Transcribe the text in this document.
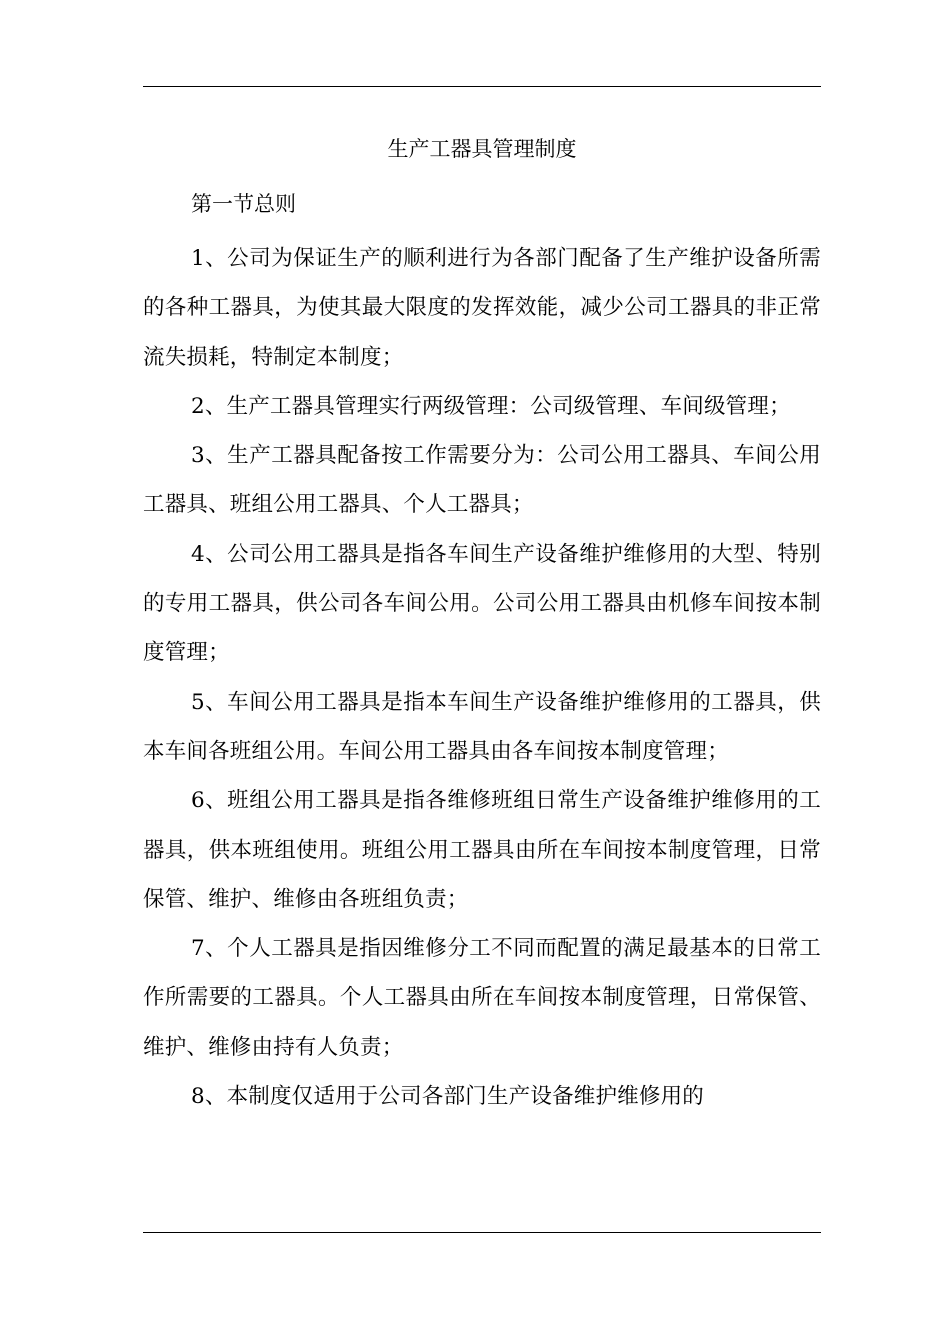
生产工器具管理制度
第一节总则

1、公司为保证生产的顺利进行为各部门配备了生产维护设备所需的各种工器具，为使其最大限度的发挥效能，减少公司工器具的非正常流失损耗，特制定本制度；

2、生产工器具管理实行两级管理：公司级管理、车间级管理；

3、生产工器具配备按工作需要分为：公司公用工器具、车间公用工器具、班组公用工器具、个人工器具；

4、公司公用工器具是指各车间生产设备维护维修用的大型、特别的专用工器具，供公司各车间公用。公司公用工器具由机修车间按本制度管理；

5、车间公用工器具是指本车间生产设备维护维修用的工器具，供本车间各班组公用。车间公用工器具由各车间按本制度管理；

6、班组公用工器具是指各维修班组日常生产设备维护维修用的工器具，供本班组使用。班组公用工器具由所在车间按本制度管理，日常保管、维护、维修由各班组负责；

7、个人工器具是指因维修分工不同而配置的满足最基本的日常工作所需要的工器具。个人工器具由所在车间按本制度管理，日常保管、维护、维修由持有人负责；

8、本制度仅适用于公司各部门生产设备维护维修用的
